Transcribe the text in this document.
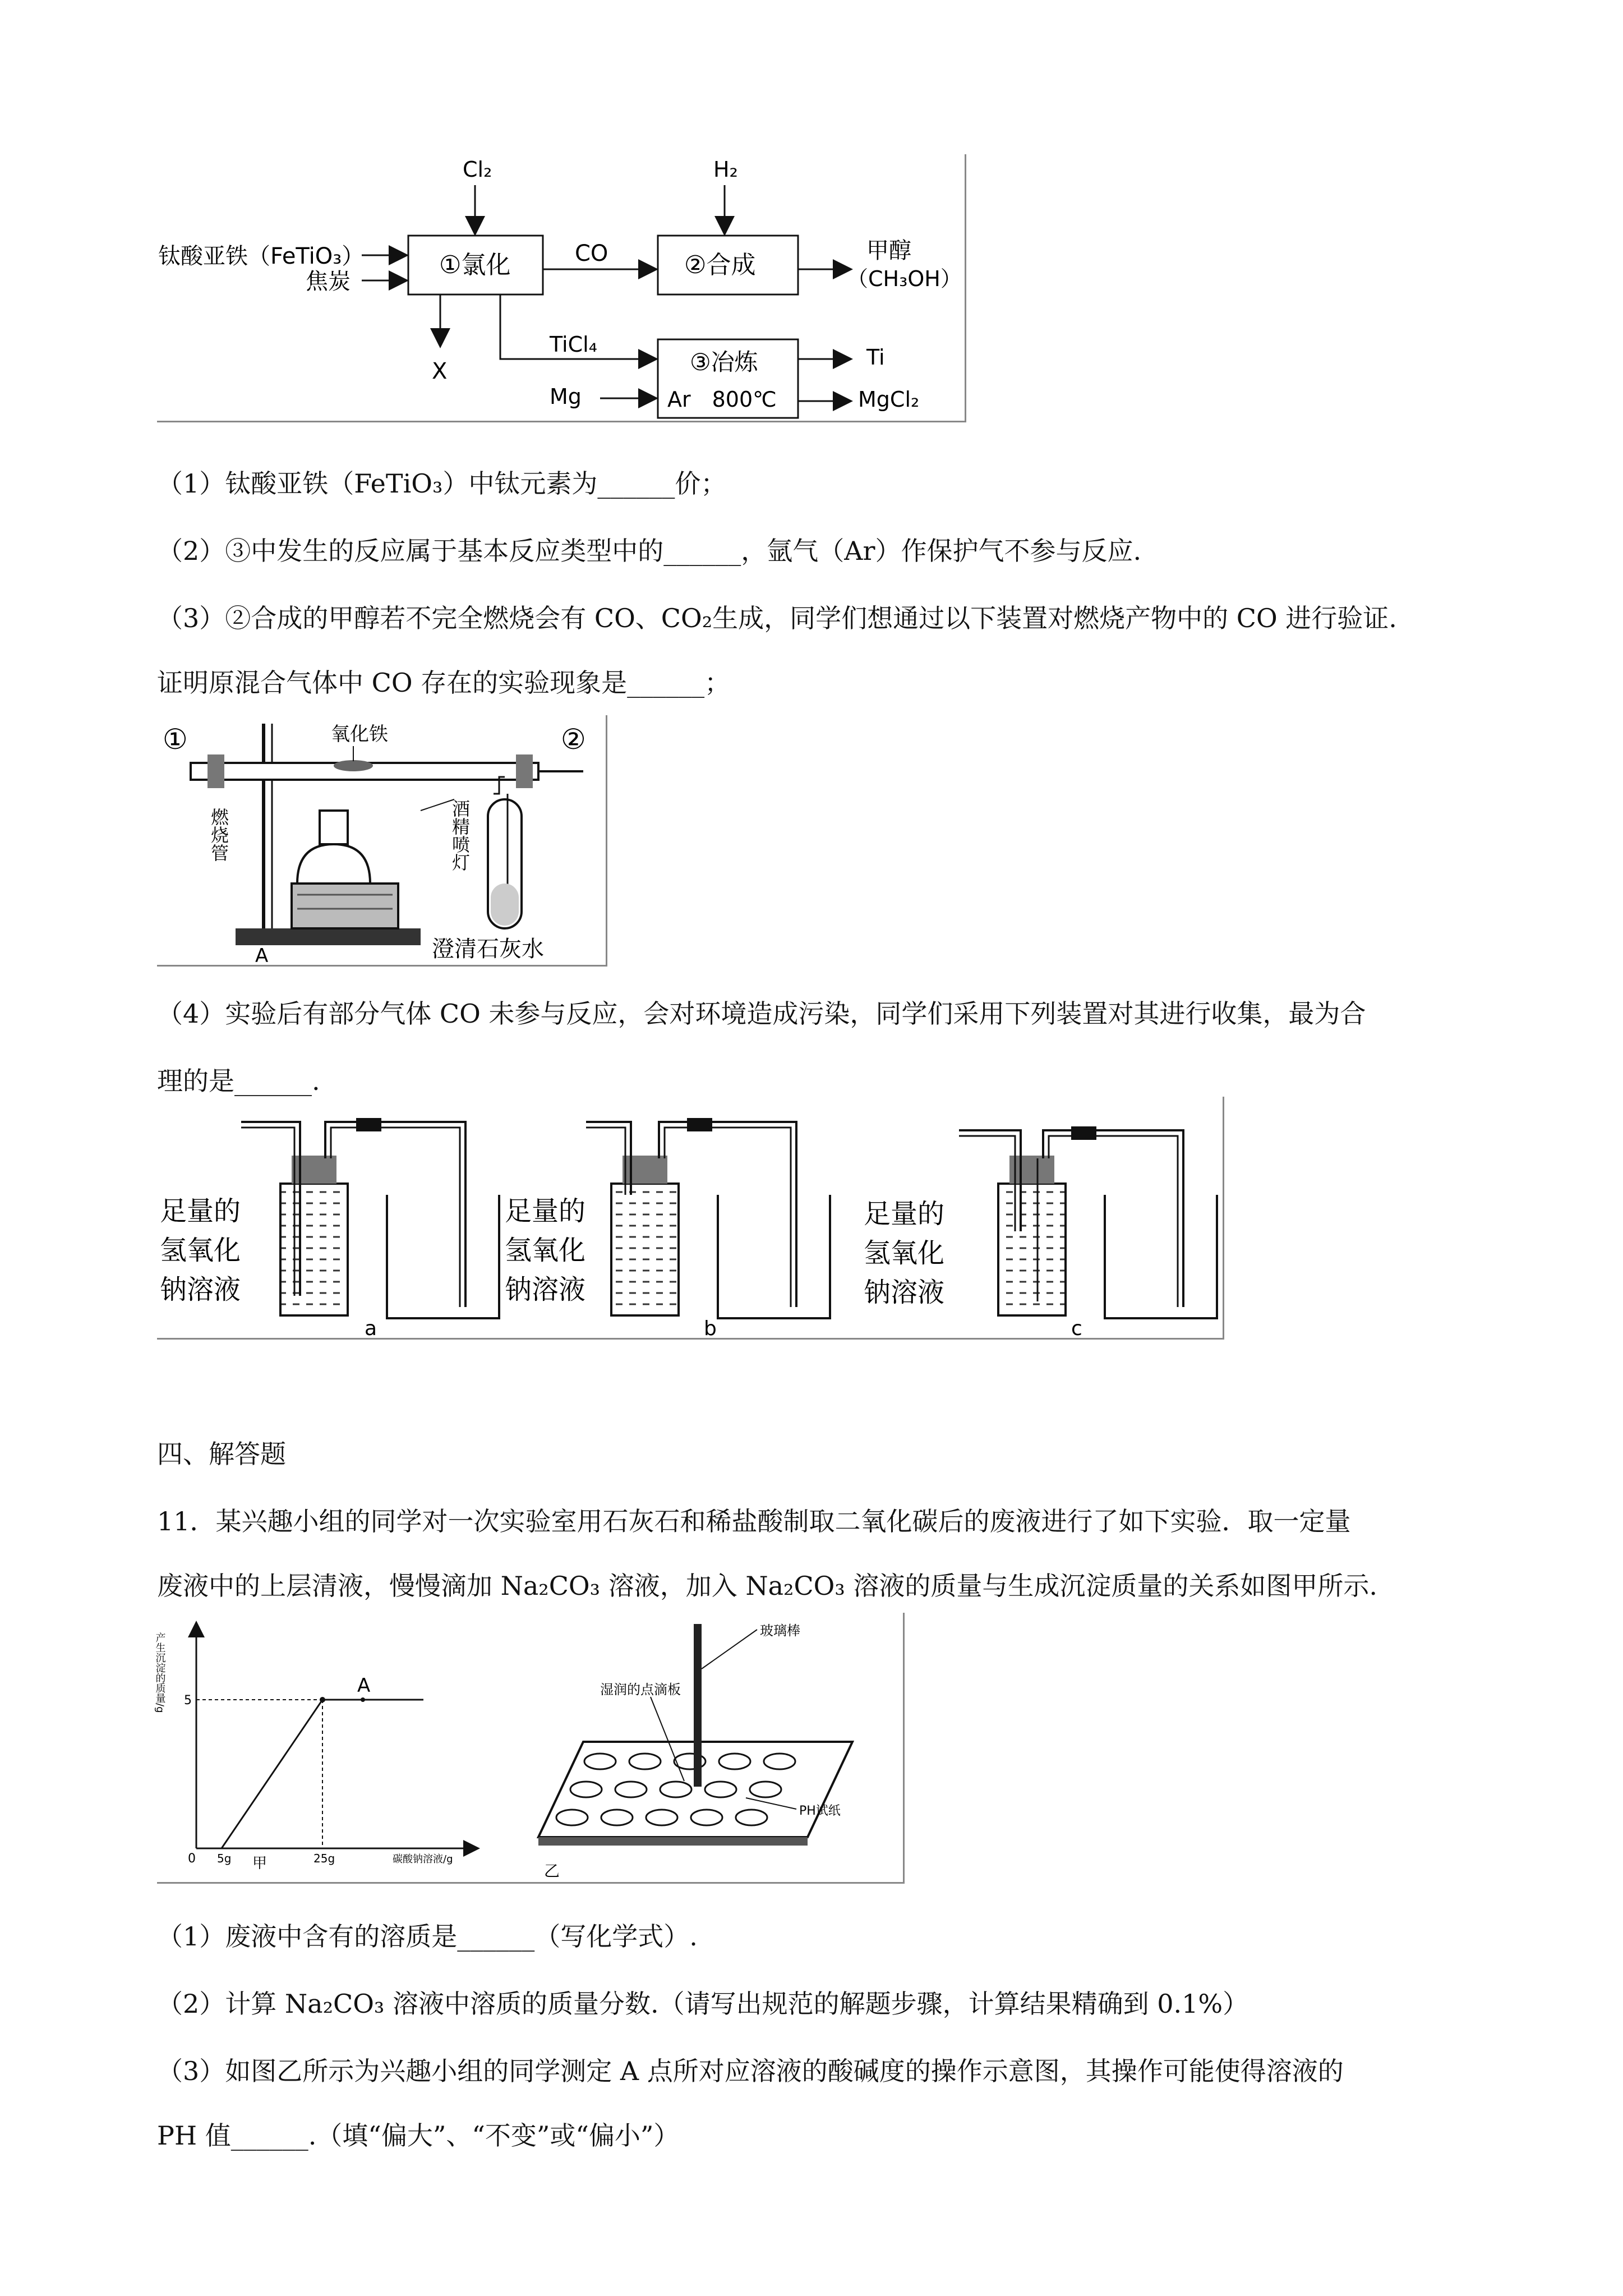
Cl₂	H₂
钛酸亚铁（FeTiO₃）
焦炭
①氯化	CO	②合成	甲醇
（CH₃OH）
X
TiCl₄
Mg
③冶炼
Ar　800℃
Ti
MgCl₂
（1）钛酸亚铁（FeTiO₃）中钛元素为______价；
（2）③中发生的反应属于基本反应类型中的______，氩气（Ar）作保护气不参与反应.
（3）②合成的甲醇若不完全燃烧会有 CO、CO₂生成，同学们想通过以下装置对燃烧产物中的 CO 进行验证.
证明原混合气体中 CO 存在的实验现象是______；
①	②
氧化铁
燃烧管	酒精喷灯
澄清石灰水
A
（4）实验后有部分气体 CO 未参与反应，会对环境造成污染，同学们采用下列装置对其进行收集，最为合
理的是______.
足量的
氢氧化
钠溶液
a
足量的
氢氧化
钠溶液
b
足量的
氢氧化
钠溶液
c
四、解答题
11．某兴趣小组的同学对一次实验室用石灰石和稀盐酸制取二氧化碳后的废液进行了如下实验．取一定量
废液中的上层清液，慢慢滴加 Na₂CO₃ 溶液，加入 Na₂CO₃ 溶液的质量与生成沉淀质量的关系如图甲所示.
产生沉淀的质量/g
碳酸钠溶液/g
0
A
5g	25g
5
甲
玻璃棒
湿润的点滴板
PH试纸
乙
（1）废液中含有的溶质是______（写化学式）.
（2）计算 Na₂CO₃ 溶液中溶质的质量分数.（请写出规范的解题步骤，计算结果精确到 0.1%）
（3）如图乙所示为兴趣小组的同学测定 A 点所对应溶液的酸碱度的操作示意图，其操作可能使得溶液的
PH 值______.（填“偏大”、“不变”或“偏小”）
